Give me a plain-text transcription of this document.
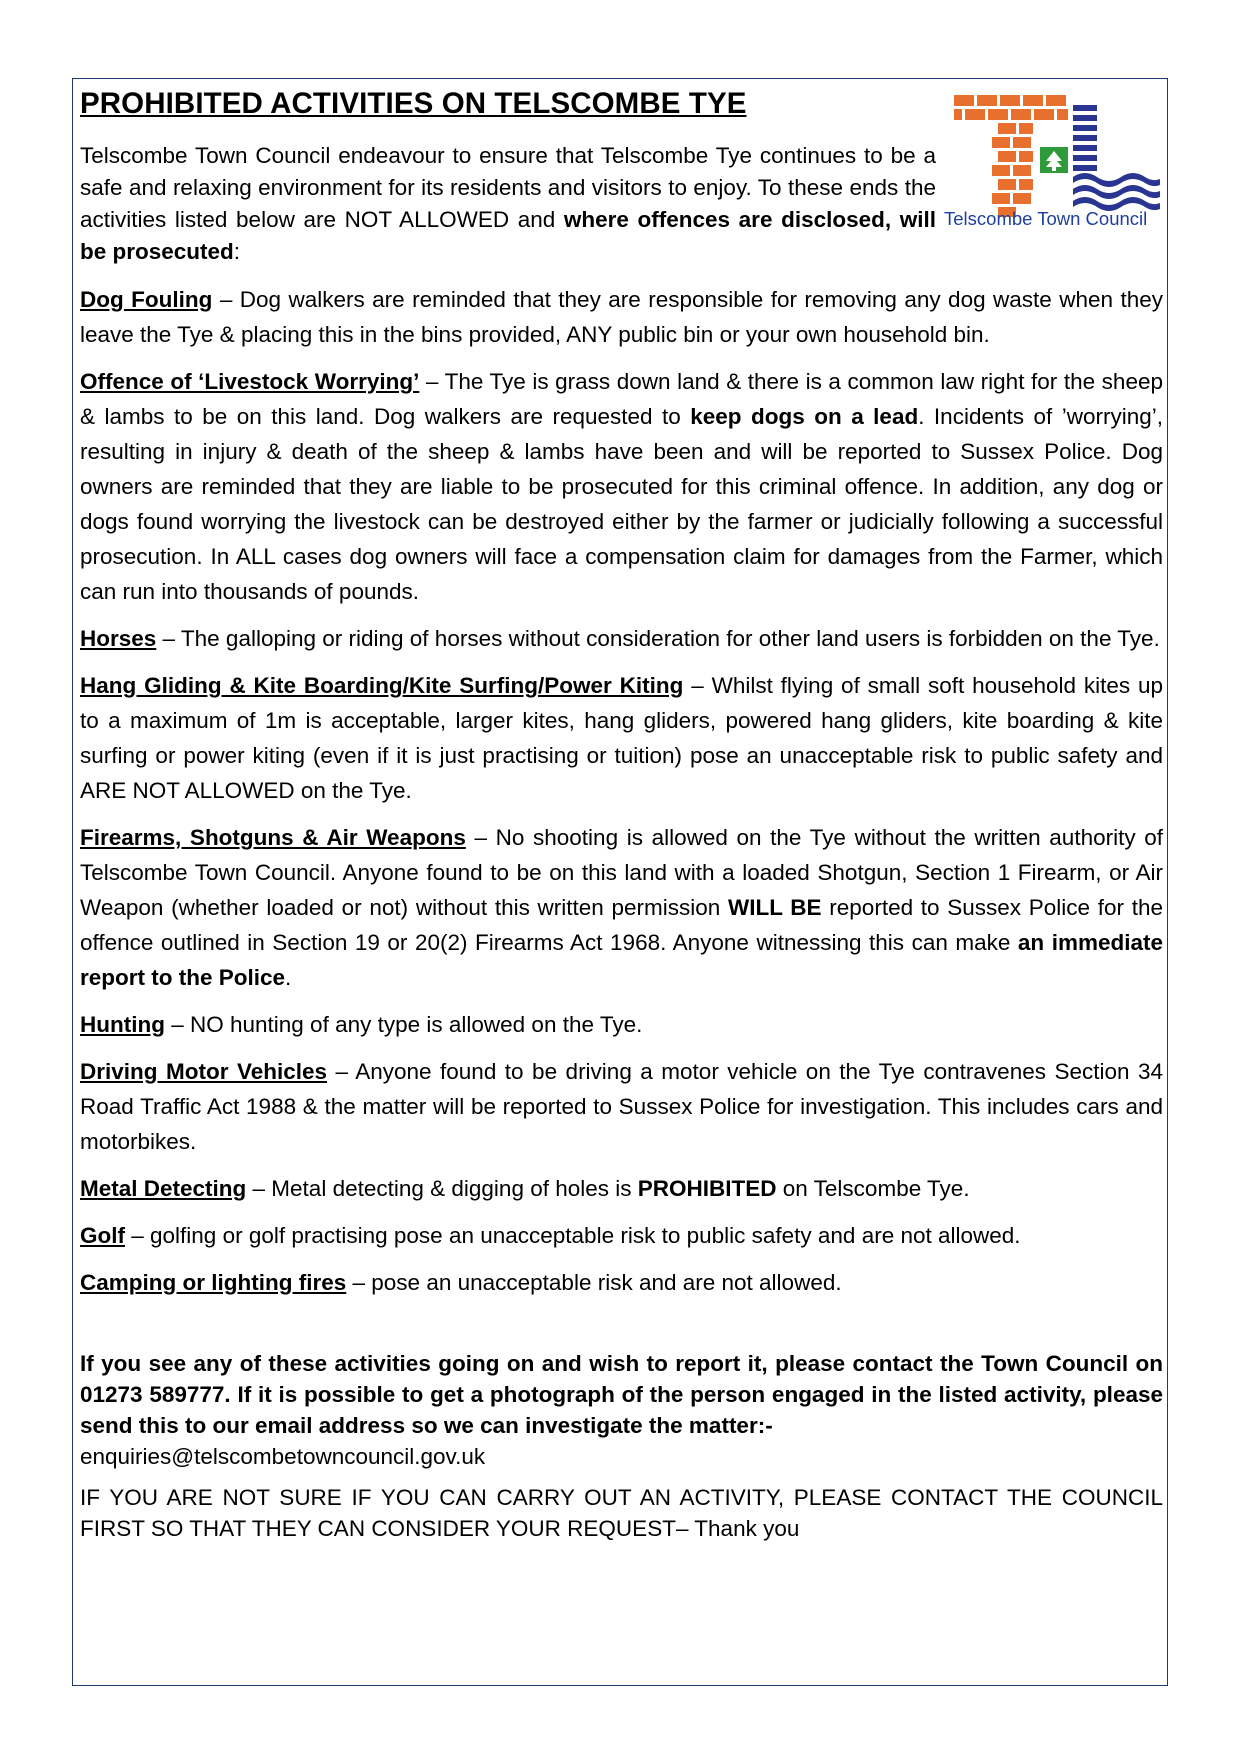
Telscombe Town Council
PROHIBITED ACTIVITIES ON TELSCOMBE TYE
Telscombe Town Council endeavour to ensure that Telscombe Tye continues to be a safe and relaxing environment for its residents and visitors to enjoy. To these ends the activities listed below are NOT ALLOWED and where offences are disclosed, will be prosecuted:
Dog Fouling – Dog walkers are reminded that they are responsible for removing any dog waste when they leave the Tye & placing this in the bins provided, ANY public bin or your own household bin.
Offence of ‘Livestock Worrying’ – The Tye is grass down land & there is a common law right for the sheep & lambs to be on this land. Dog walkers are requested to keep dogs on a lead. Incidents of ’worrying’, resulting in injury & death of the sheep & lambs have been and will be reported to Sussex Police. Dog owners are reminded that they are liable to be prosecuted for this criminal offence. In addition, any dog or dogs found worrying the livestock can be destroyed either by the farmer or judicially following a successful prosecution. In ALL cases dog owners will face a compensation claim for damages from the Farmer, which can run into thousands of pounds.
Horses – The galloping or riding of horses without consideration for other land users is forbidden on the Tye.
Hang Gliding & Kite Boarding/Kite Surfing/Power Kiting – Whilst flying of small soft household kites up to a maximum of 1m is acceptable, larger kites, hang gliders, powered hang gliders, kite boarding & kite surfing or power kiting (even if it is just practising or tuition) pose an unacceptable risk to public safety and ARE NOT ALLOWED on the Tye.
Firearms, Shotguns & Air Weapons – No shooting is allowed on the Tye without the written authority of Telscombe Town Council. Anyone found to be on this land with a loaded Shotgun, Section 1 Firearm, or Air Weapon (whether loaded or not) without this written permission WILL BE reported to Sussex Police for the offence outlined in Section 19 or 20(2) Firearms Act 1968. Anyone witnessing this can make an immediate report to the Police.
Hunting – NO hunting of any type is allowed on the Tye.
Driving Motor Vehicles – Anyone found to be driving a motor vehicle on the Tye contravenes Section 34 Road Traffic Act 1988 & the matter will be reported to Sussex Police for investigation. This includes cars and motorbikes.
Metal Detecting – Metal detecting & digging of holes is PROHIBITED on Telscombe Tye.
Golf – golfing or golf practising pose an unacceptable risk to public safety and are not allowed.
Camping or lighting fires – pose an unacceptable risk and are not allowed.
If you see any of these activities going on and wish to report it, please contact the Town Council on 01273 589777. If it is possible to get a photograph of the person engaged in the listed activity, please send this to our email address so we can investigate the matter:-
enquiries@telscombetowncouncil.gov.uk
IF YOU ARE NOT SURE IF YOU CAN CARRY OUT AN ACTIVITY, PLEASE CONTACT THE COUNCIL FIRST SO THAT THEY CAN CONSIDER YOUR REQUEST– Thank you
